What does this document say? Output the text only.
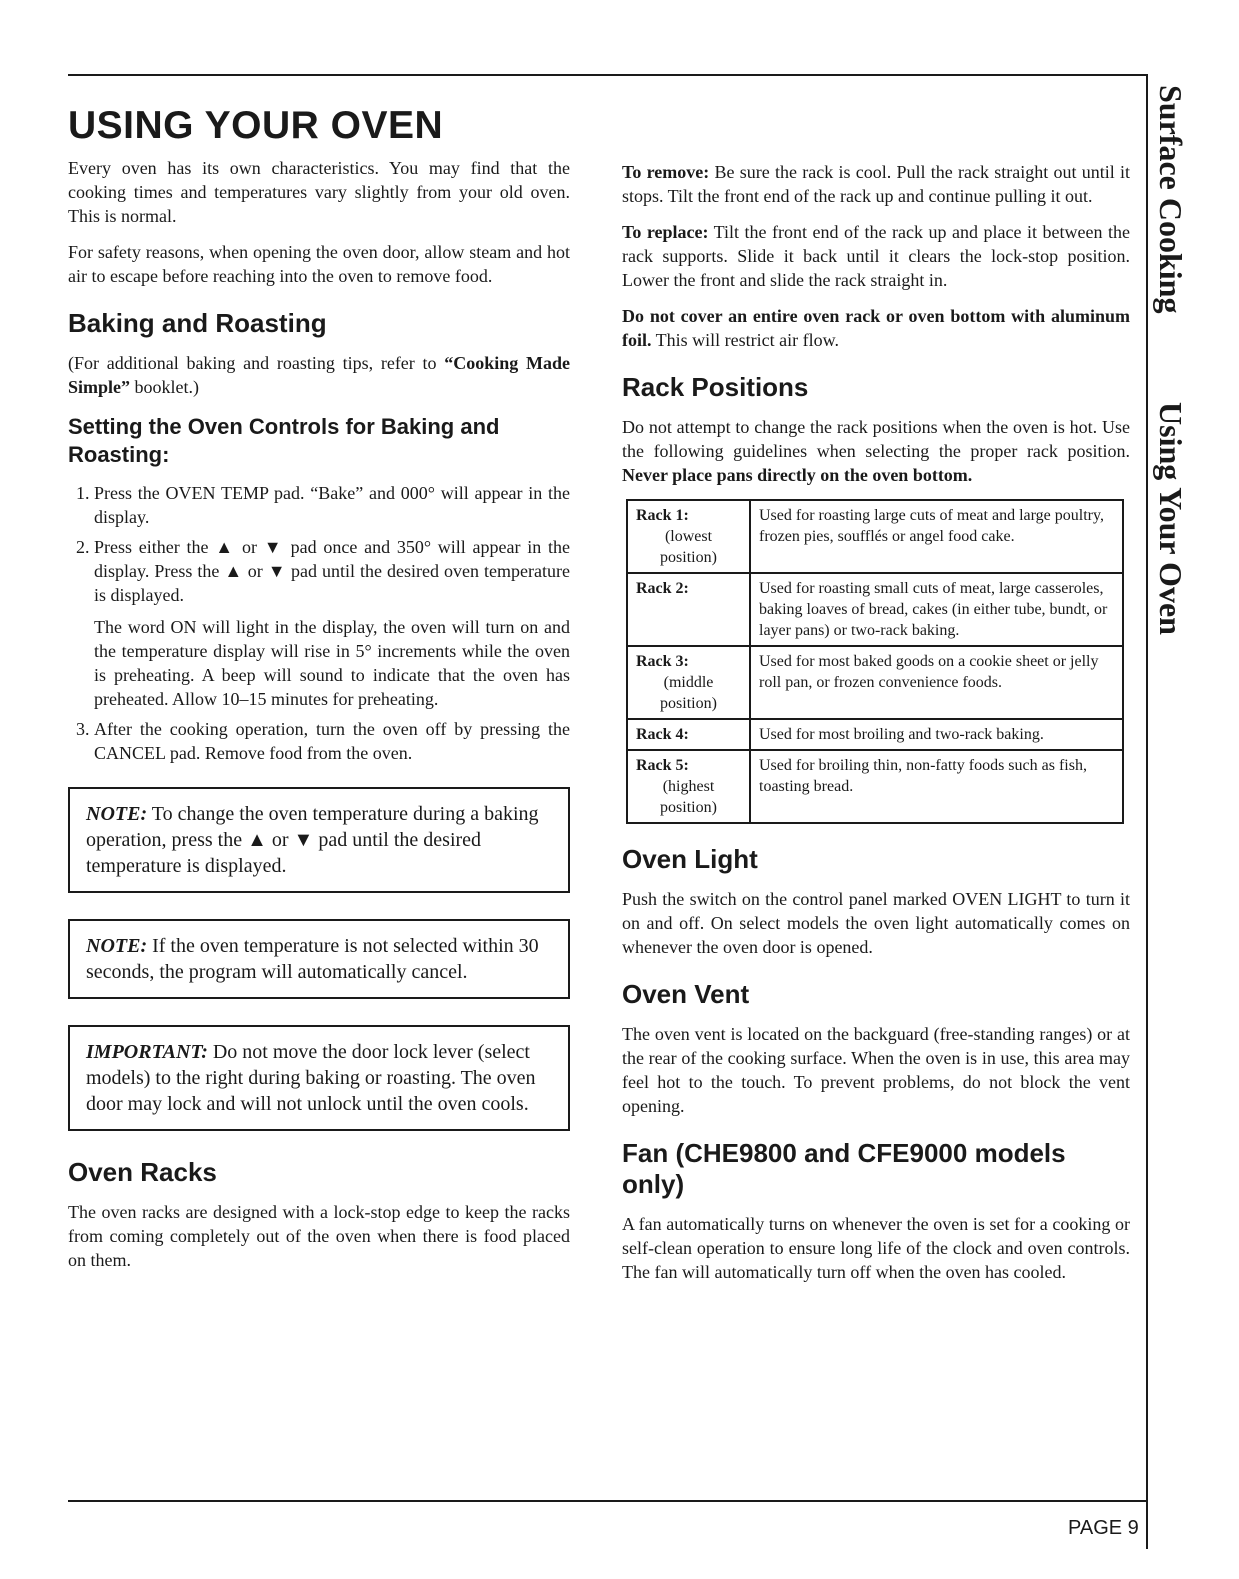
USING YOUR OVEN

Every oven has its own characteristics. You may find that the cooking times and temperatures vary slightly from your old oven. This is normal.

For safety reasons, when opening the oven door, allow steam and hot air to escape before reaching into the oven to remove food.

Baking and Roasting

(For additional baking and roasting tips, refer to “Cooking Made Simple” booklet.)

Setting the Oven Controls for Baking and Roasting:
1. Press the OVEN TEMP pad. “Bake” and 000° will appear in the display.
2. Press either the ▲ or ▼ pad once and 350° will appear in the display. Press the ▲ or ▼ pad until the desired oven temperature is displayed.

The word ON will light in the display, the oven will turn on and the temperature display will rise in 5° increments while the oven is preheating. A beep will sound to indicate that the oven has preheated. Allow 10–15 minutes for preheating.

3. After the cooking operation, turn the oven off by pressing the CANCEL pad. Remove food from the oven.
NOTE: To change the oven temperature during a baking operation, press the ▲ or ▼ pad until the desired temperature is displayed.
NOTE: If the oven temperature is not selected within 30 seconds, the program will automatically cancel.
IMPORTANT: Do not move the door lock lever (select models) to the right during baking or roasting. The oven door may lock and will not unlock until the oven cools.
Oven Racks

The oven racks are designed with a lock-stop edge to keep the racks from coming completely out of the oven when there is food placed on them.

To remove: Be sure the rack is cool. Pull the rack straight out until it stops. Tilt the front end of the rack up and continue pulling it out.

To replace: Tilt the front end of the rack up and place it between the rack supports. Slide it back until it clears the lock-stop position. Lower the front and slide the rack straight in.

Do not cover an entire oven rack or oven bottom with aluminum foil. This will restrict air flow.

Rack Positions

Do not attempt to change the rack positions when the oven is hot. Use the following guidelines when selecting the proper rack position. Never place pans directly on the oven bottom.

Rack 1:
(lowest position)	Used for roasting large cuts of meat and large poultry, frozen pies, soufflés or angel food cake.

Rack 2:	Used for roasting small cuts of meat, large casseroles, baking loaves of bread, cakes (in either tube, bundt, or layer pans) or two-rack baking.

Rack 3:
(middle position)	Used for most baked goods on a cookie sheet or jelly roll pan, or frozen convenience foods.

Rack 4:	Used for most broiling and two-rack baking.

Rack 5:
(highest position)	Used for broiling thin, non-fatty foods such as fish, toasting bread.
Oven Light

Push the switch on the control panel marked OVEN LIGHT to turn it on and off. On select models the oven light automatically comes on whenever the oven door is opened.

Oven Vent

The oven vent is located on the backguard (free-standing ranges) or at the rear of the cooking surface. When the oven is in use, this area may feel hot to the touch. To prevent problems, do not block the vent opening.

Fan (CHE9800 and CFE9000 models only)

A fan automatically turns on whenever the oven is set for a cooking or self-clean operation to ensure long life of the clock and oven controls. The fan will automatically turn off when the oven has cooled.

Surface Cooking
Using Your Oven
PAGE 9
